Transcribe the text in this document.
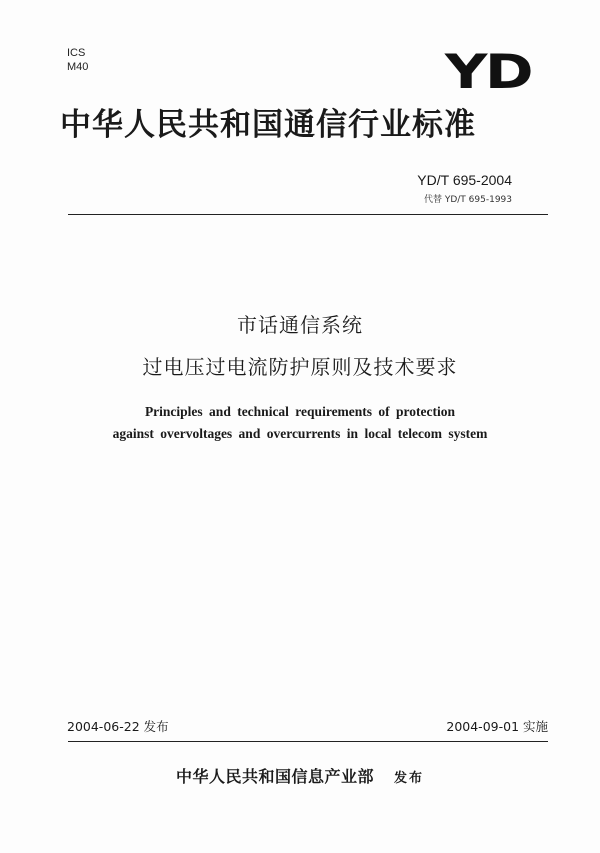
ICS
M40	YD
中华人民共和国通信行业标准
YD/T 695-2004
代替 YD/T 695-1993
市话通信系统
过电压过电流防护原则及技术要求
Principles and technical requirements of protection
against overvoltages and overcurrents in local telecom system
2004-06-22 发布	2004-09-01 实施
中华人民共和国信息产业部 发布
